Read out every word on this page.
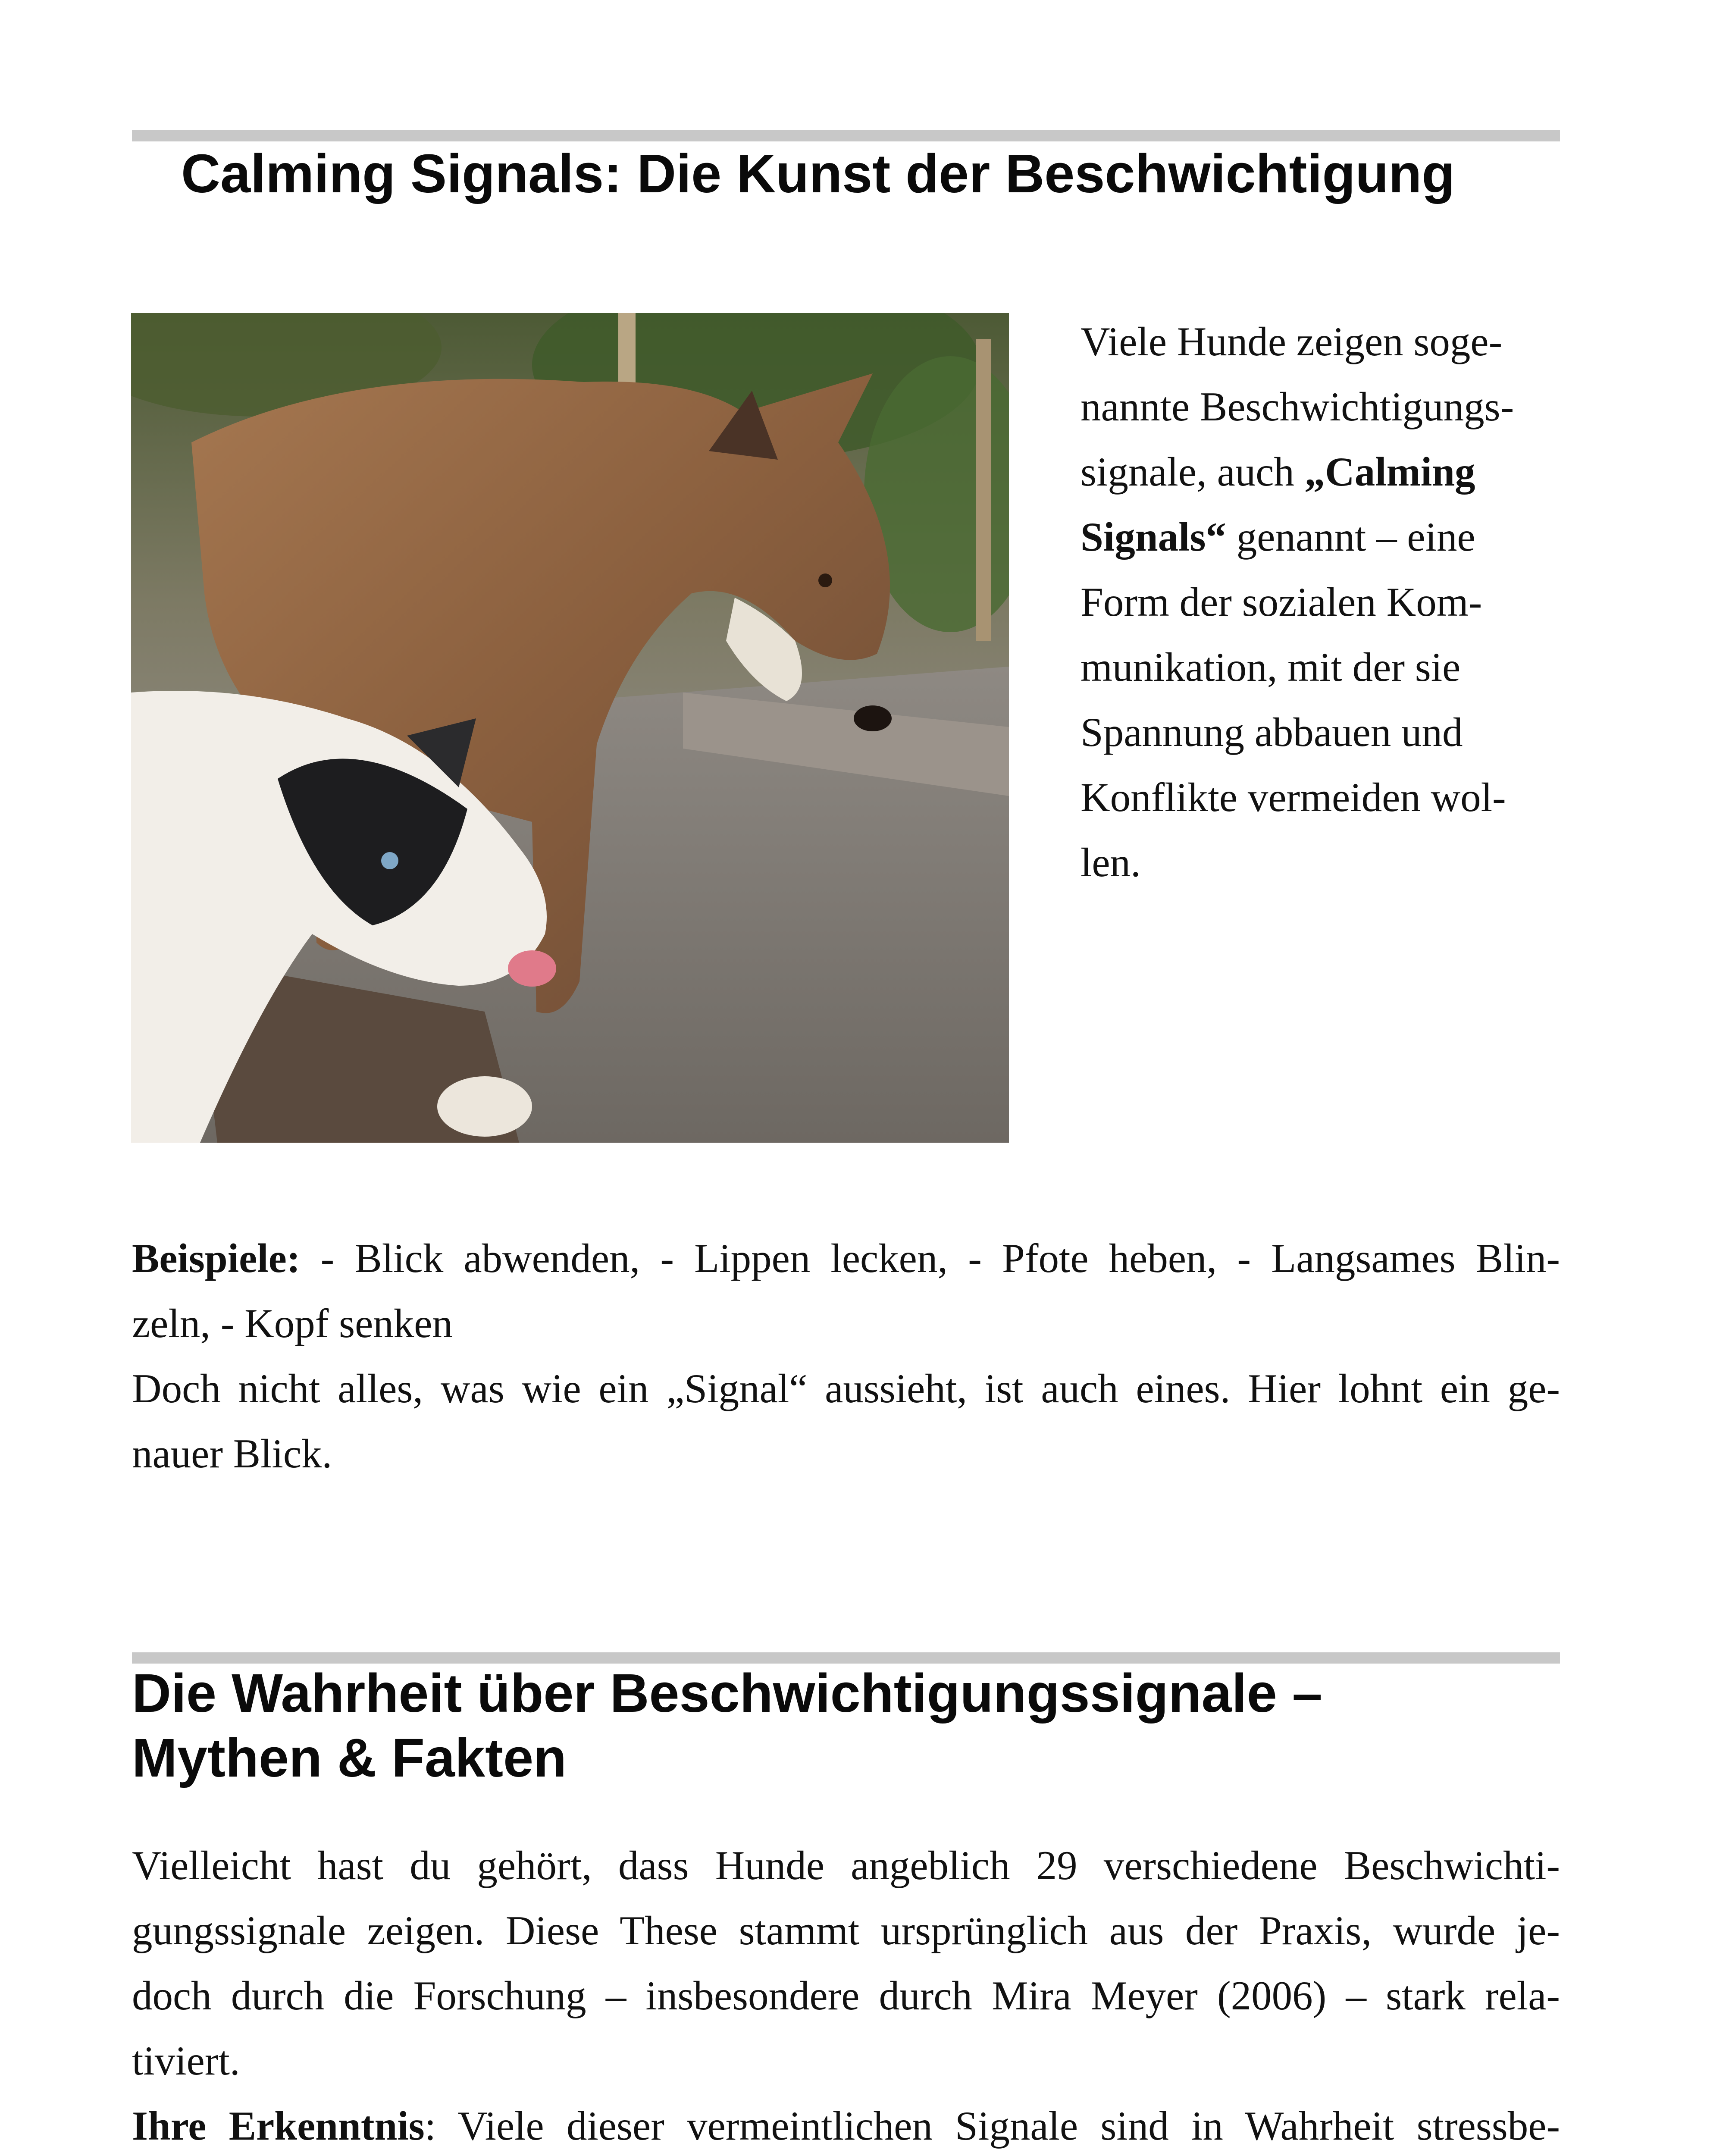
Calming Signals: Die Kunst der Beschwichtigung
Viele Hunde zeigen soge-
nannte Beschwichtigungs-
signale, auch „Calming
Signals“ genannt – eine
Form der sozialen Kom-
munikation, mit der sie
Spannung abbauen und
Konflikte vermeiden wol-
len.
Beispiele: - Blick abwenden, - Lippen lecken, - Pfote heben, - Langsames Blin-
zeln, - Kopf senken
Doch nicht alles, was wie ein „Signal“ aussieht, ist auch eines. Hier lohnt ein ge-
nauer Blick.
Die Wahrheit über Beschwichtigungssignale –
Mythen & Fakten
Vielleicht hast du gehört, dass Hunde angeblich 29 verschiedene Beschwichti-
gungssignale zeigen. Diese These stammt ursprünglich aus der Praxis, wurde je-
doch durch die Forschung – insbesondere durch Mira Meyer (2006) – stark rela-
tiviert.
Ihre Erkenntnis: Viele dieser vermeintlichen Signale sind in Wahrheit stressbe-
